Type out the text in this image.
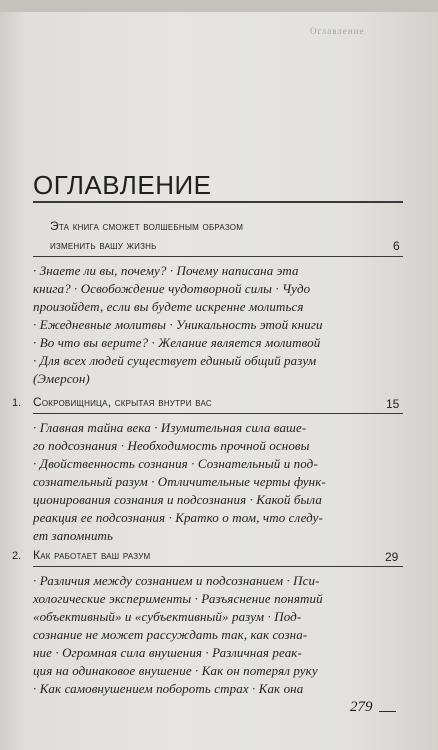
Оглавление
ОГЛАВЛЕНИЕ
Эта книга сможет волшебным образом
изменить вашу жизнь	6
· Знаете ли вы, почему? · Почему написана эта
книга? · Освобождение чудотворной силы · Чудо
произойдет, если вы будете искренне молиться
· Ежедневные молитвы · Уникальность этой книги
· Во что вы верите? · Желание является молитвой
· Для всех людей существует единый общий разум
(Эмерсон)
1. Сокровищница, скрытая внутри вас	15
· Главная тайна века · Изумительная сила ваше-
го подсознания · Необходимость прочной основы
· Двойственность сознания · Сознательный и под-
сознательный разум · Отличительные черты функ-
ционирования сознания и подсознания · Какой была
реакция ее подсознания · Кратко о том, что следу-
ет запомнить
2. Как работает ваш разум	29
· Различия между сознанием и подсознанием · Пси-
хологические эксперименты · Разъяснение понятий
«объективный» и «субъективный» разум · Под-
сознание не может рассуждать так, как созна-
ние · Огромная сила внушения · Различная реак-
ция на одинаковое внушение · Как он потерял руку
· Как самовнушением побороть страх · Как она
279
